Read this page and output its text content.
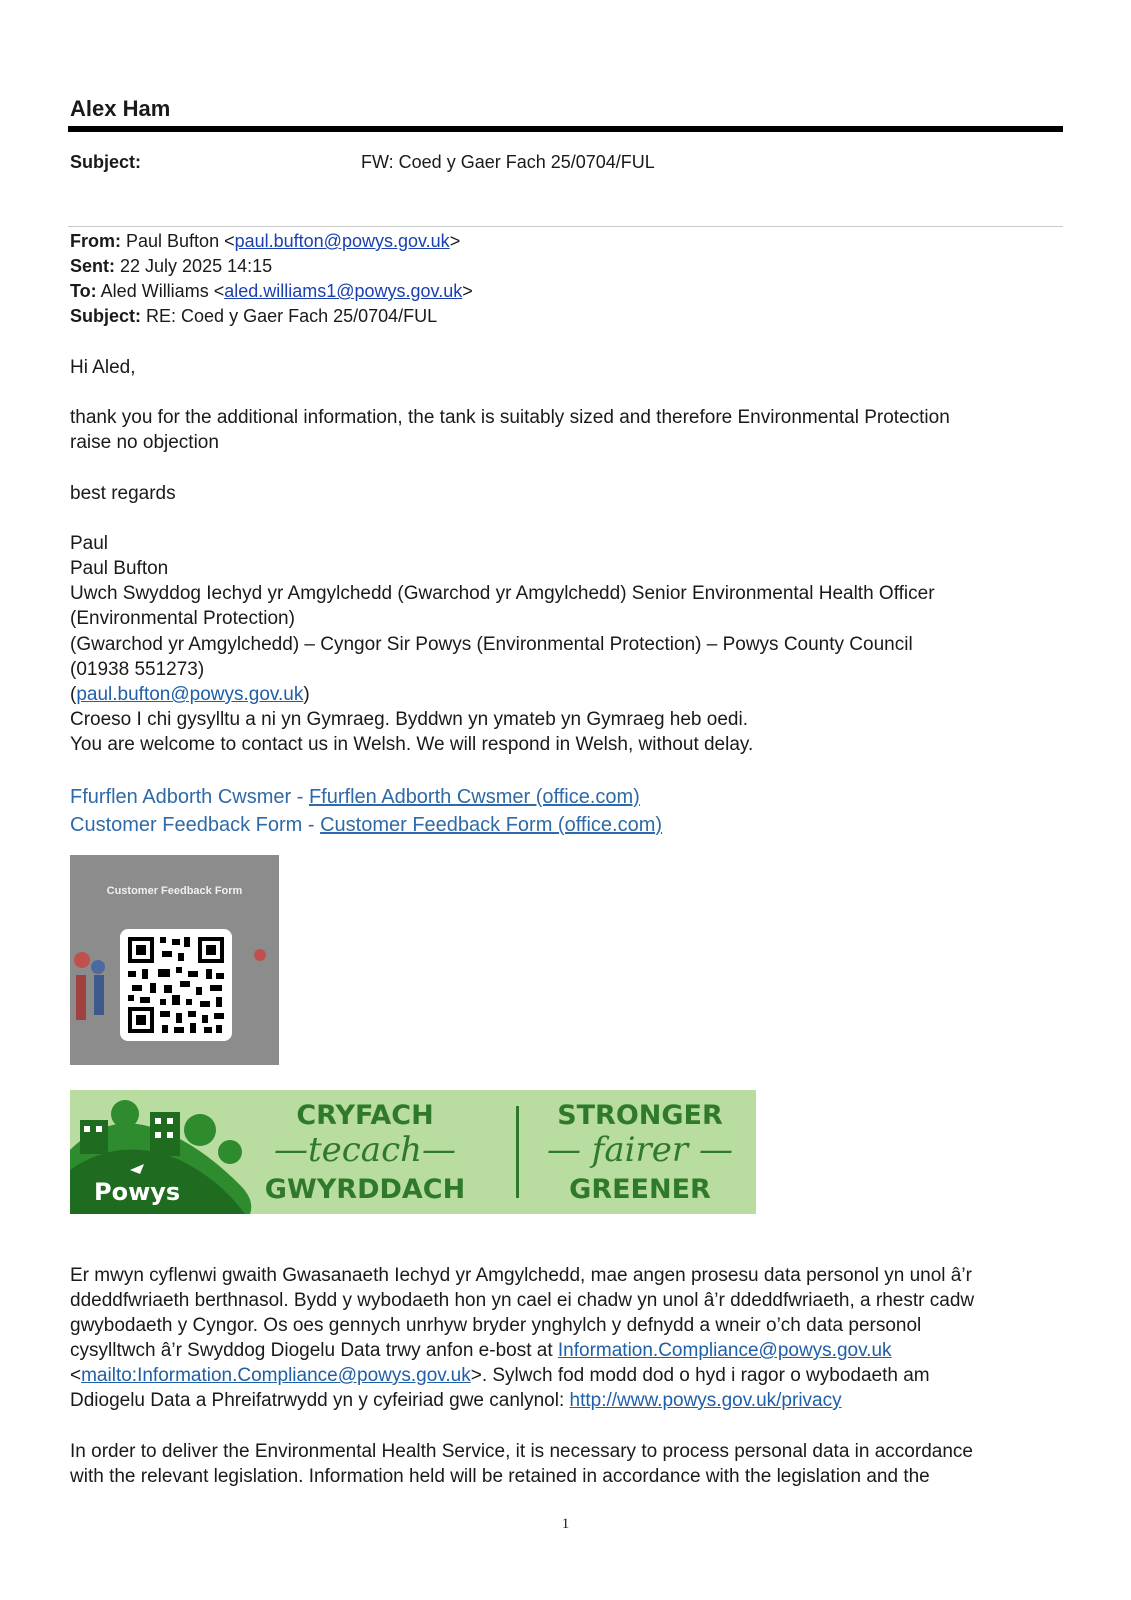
Alex Ham
Subject:	FW: Coed y Gaer Fach 25/0704/FUL
From: Paul Bufton <paul.bufton@powys.gov.uk>
Sent: 22 July 2025 14:15
To: Aled Williams <aled.williams1@powys.gov.uk>
Subject: RE: Coed y Gaer Fach 25/0704/FUL
Hi Aled,
thank you for the additional information, the tank is suitably sized and therefore Environmental Protection
raise no objection
best regards
Paul
Paul Bufton
Uwch Swyddog Iechyd yr Amgylchedd (Gwarchod yr Amgylchedd) Senior Environmental Health Officer
(Environmental Protection)
(Gwarchod yr Amgylchedd) – Cyngor Sir Powys (Environmental Protection) – Powys County Council
(01938 551273)
(paul.bufton@powys.gov.uk)
Croeso I chi gysylltu a ni yn Gymraeg. Byddwn yn ymateb yn Gymraeg heb oedi.
You are welcome to contact us in Welsh. We will respond in Welsh, without delay.
Ffurflen Adborth Cwsmer - Ffurflen Adborth Cwsmer (office.com)
Customer Feedback Form - Customer Feedback Form (office.com)
Customer Feedback Form
Powys
CRYFACH
—tecach—
GWYRDDACH
STRONGER
— fairer —
GREENER
Er mwyn cyflenwi gwaith Gwasanaeth Iechyd yr Amgylchedd, mae angen prosesu data personol yn unol â’r
ddeddfwriaeth berthnasol. Bydd y wybodaeth hon yn cael ei chadw yn unol â’r ddeddfwriaeth, a rhestr cadw
gwybodaeth y Cyngor. Os oes gennych unrhyw bryder ynghylch y defnydd a wneir o’ch data personol
cysylltwch â’r Swyddog Diogelu Data trwy anfon e-bost at Information.Compliance@powys.gov.uk
<mailto:Information.Compliance@powys.gov.uk>. Sylwch fod modd dod o hyd i ragor o wybodaeth am
Ddiogelu Data a Phreifatrwydd yn y cyfeiriad gwe canlynol: http://www.powys.gov.uk/privacy
In order to deliver the Environmental Health Service, it is necessary to process personal data in accordance
with the relevant legislation. Information held will be retained in accordance with the legislation and the
1
